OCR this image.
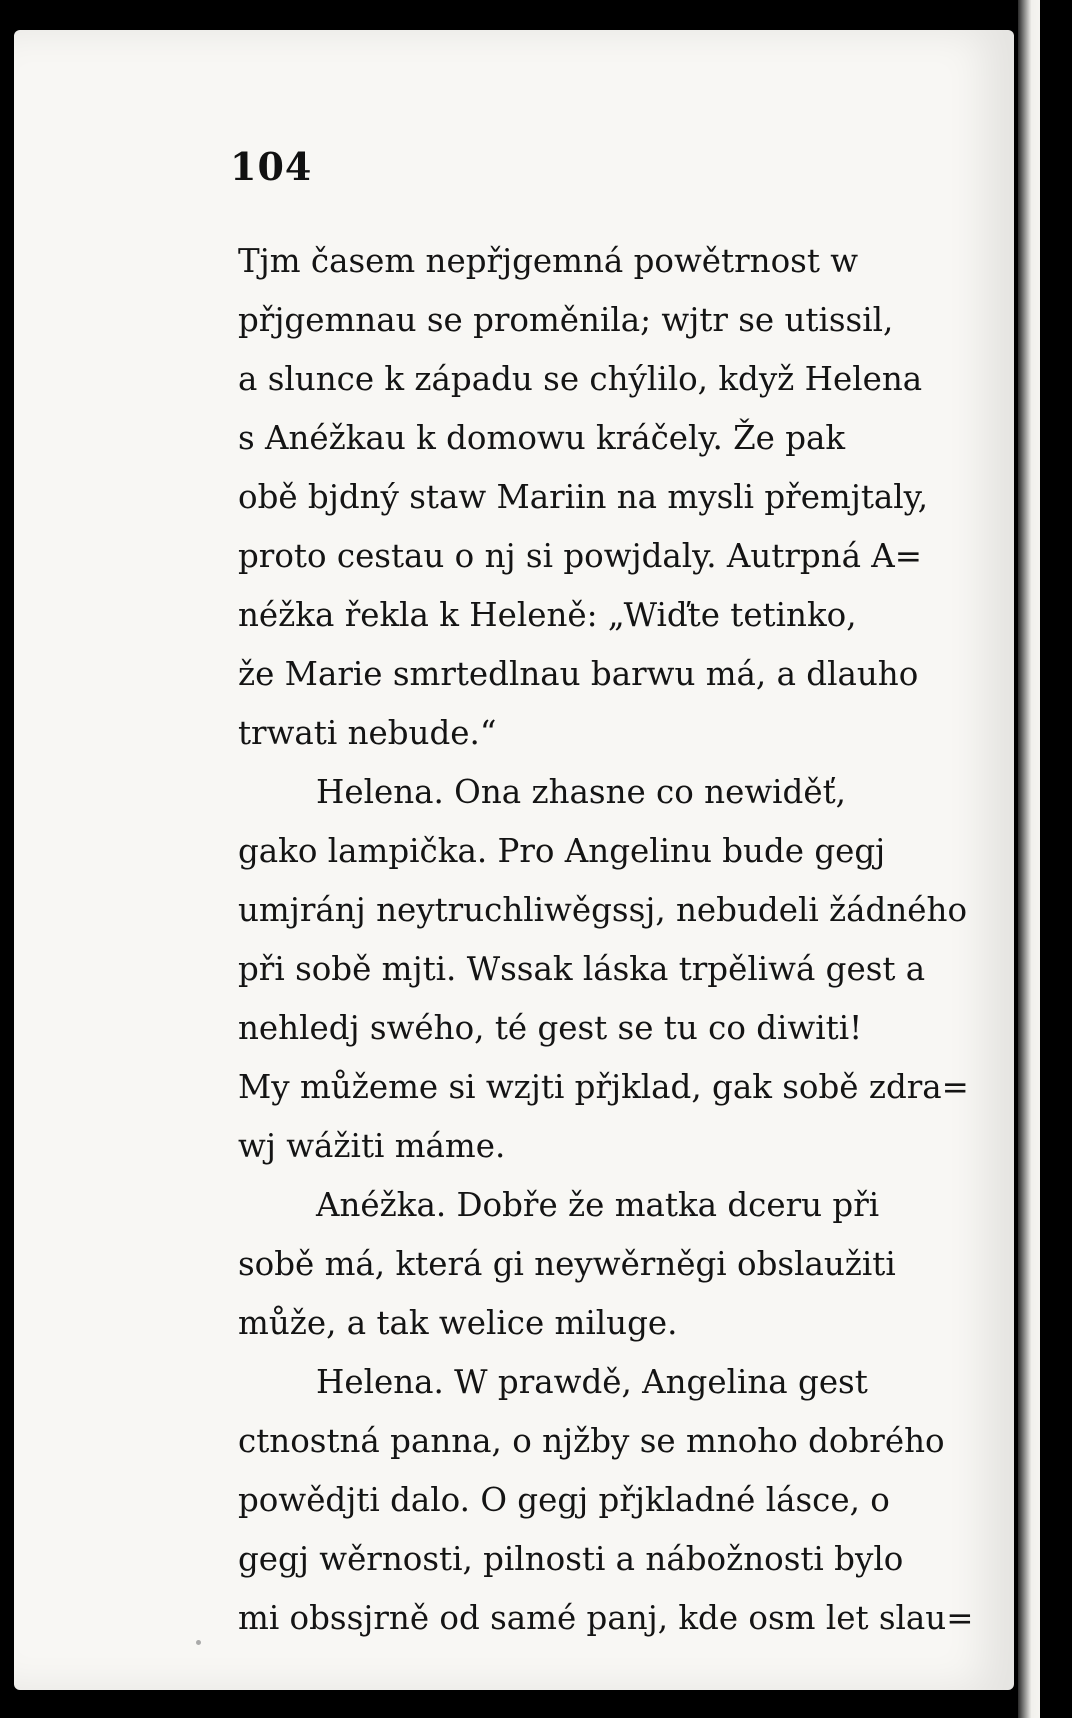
104
Tjm časem nepřjgemná powětrnost w
přjgemnau se proměnila; wjtr se utissil,
a slunce k západu se chýlilo, když Helena
s Anéžkau k domowu kráčely. Že pak
obě bjdný staw Mariin na mysli přemjtaly,
proto cestau o nj si powjdaly. Autrpná A=
néžka řekla k Heleně: „Wiďte tetinko,
že Marie smrtedlnau barwu má, a dlauho
trwati nebude.“
Helena. Ona zhasne co newiděť,
gako lampička. Pro Angelinu bude gegj
umjránj neytruchliwěgssj, nebudeli žádného
při sobě mjti. Wssak láska trpěliwá gest a
nehledj swého, té gest se tu co diwiti!
My můžeme si wzjti přjklad, gak sobě zdra=
wj wážiti máme.
Anéžka. Dobře že matka dceru při
sobě má, která gi neywěrněgi obslaužiti
může, a tak welice miluge.
Helena. W prawdě, Angelina gest
ctnostná panna, o njžby se mnoho dobrého
powědjti dalo. O gegj přjkladné lásce, o
gegj wěrnosti, pilnosti a nábožnosti bylo
mi obssjrně od samé panj, kde osm let slau=
